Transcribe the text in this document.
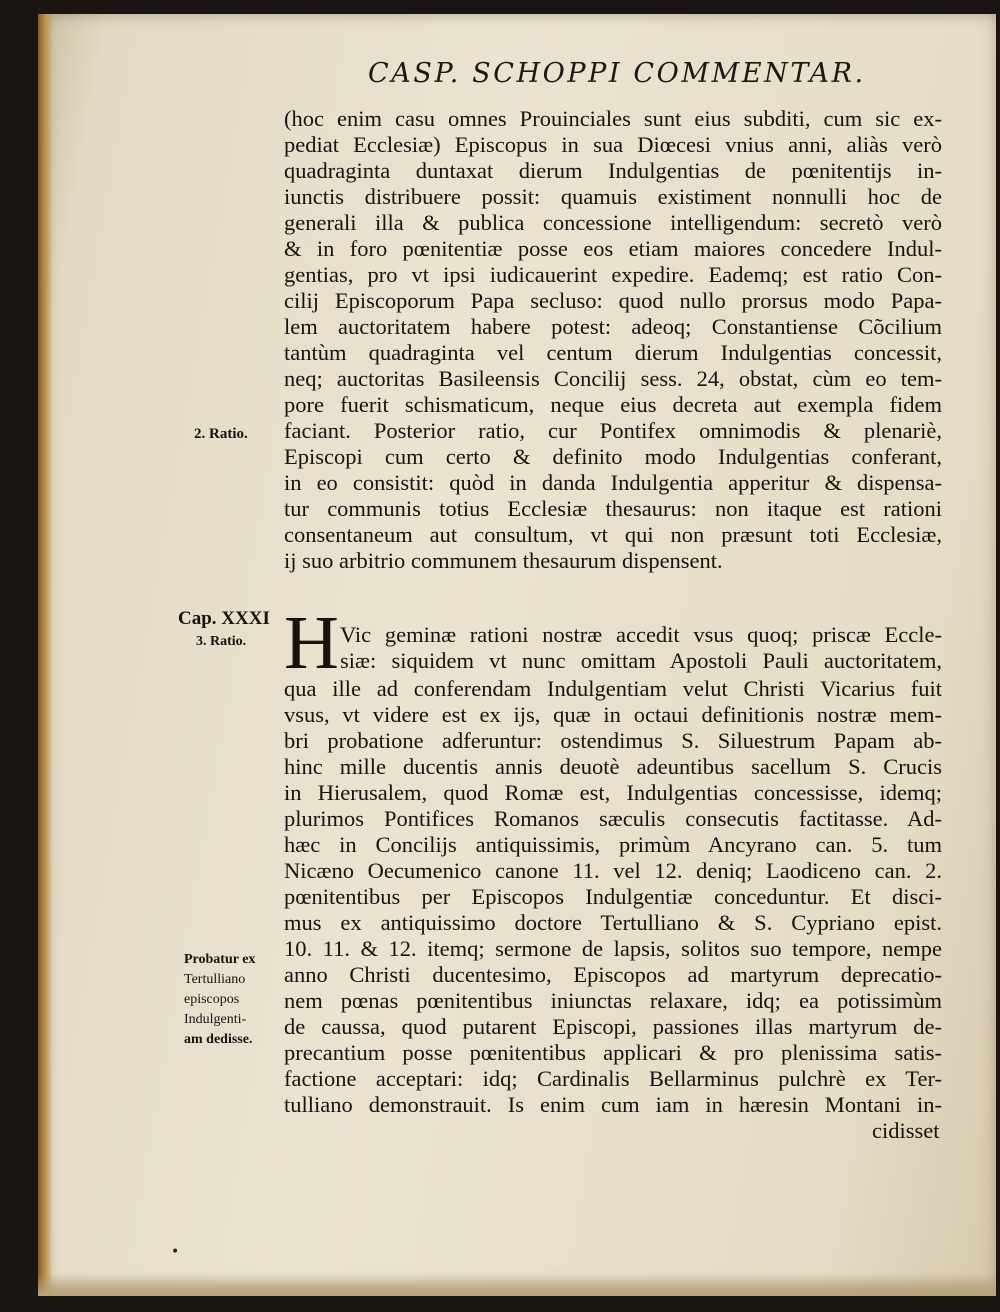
•
CASP. SCHOPPI COMMENTAR.

(hoc enim casu omnes Prouinciales sunt eius subditi, cum sic ex-

pediat Ecclesiæ) Episcopus in sua Diœcesi vnius anni, aliàs verò

quadraginta duntaxat dierum Indulgentias de pœnitentijs in-

iunctis distribuere possit: quamuis existiment nonnulli hoc de

generali illa & publica concessione intelligendum: secretò verò

& in foro pœnitentiæ posse eos etiam maiores concedere Indul-

gentias, pro vt ipsi iudicauerint expedire. Eademq; est ratio Con-

cilij Episcoporum Papa secluso: quod nullo prorsus modo Papa-

lem auctoritatem habere potest: adeoq; Constantiense Cõcilium

tantùm quadraginta vel centum dierum Indulgentias concessit,

neq; auctoritas Basileensis Concilij sess. 24, obstat, cùm eo tem-

pore fuerit schismaticum, neque eius decreta aut exempla fidem

faciant. Posterior ratio, cur Pontifex omnimodis & plenariè,

Episcopi cum certo & definito modo Indulgentias conferant,

in eo consistit: quòd in danda Indulgentia apperitur & dispensa-

tur communis totius Ecclesiæ thesaurus: non itaque est rationi

consentaneum aut consultum, vt qui non præsunt toti Ecclesiæ,

ij suo arbitrio communem thesaurum dispensent.

2. Ratio.

Cap. XXXI

3. Ratio.

Probatur ex

Tertulliano

episcopos

Indulgenti-

am dedisse.

H Vic geminæ rationi nostræ accedit vsus quoq; priscæ Eccle-

siæ: siquidem vt nunc omittam Apostoli Pauli auctoritatem,

qua ille ad conferendam Indulgentiam velut Christi Vicarius fuit

vsus, vt videre est ex ijs, quæ in octaui definitionis nostræ mem-

bri probatione adferuntur: ostendimus S. Siluestrum Papam ab-

hinc mille ducentis annis deuotè adeuntibus sacellum S. Crucis

in Hierusalem, quod Romæ est, Indulgentias concessisse, idemq;

plurimos Pontifices Romanos sæculis consecutis factitasse. Ad-

hæc in Concilijs antiquissimis, primùm Ancyrano can. 5. tum

Nicæno Oecumenico canone 11. vel 12. deniq; Laodiceno can. 2.

pœnitentibus per Episcopos Indulgentiæ conceduntur. Et disci-

mus ex antiquissimo doctore Tertulliano & S. Cypriano epist.

10. 11. & 12. itemq; sermone de lapsis, solitos suo tempore, nempe

anno Christi ducentesimo, Episcopos ad martyrum deprecatio-

nem pœnas pœnitentibus iniunctas relaxare, idq; ea potissimùm

de caussa, quod putarent Episcopi, passiones illas martyrum de-

precantium posse pœnitentibus applicari & pro plenissima satis-

factione acceptari: idq; Cardinalis Bellarminus pulchrè ex Ter-

tulliano demonstrauit. Is enim cum iam in hæresin Montani in-

cidisset
